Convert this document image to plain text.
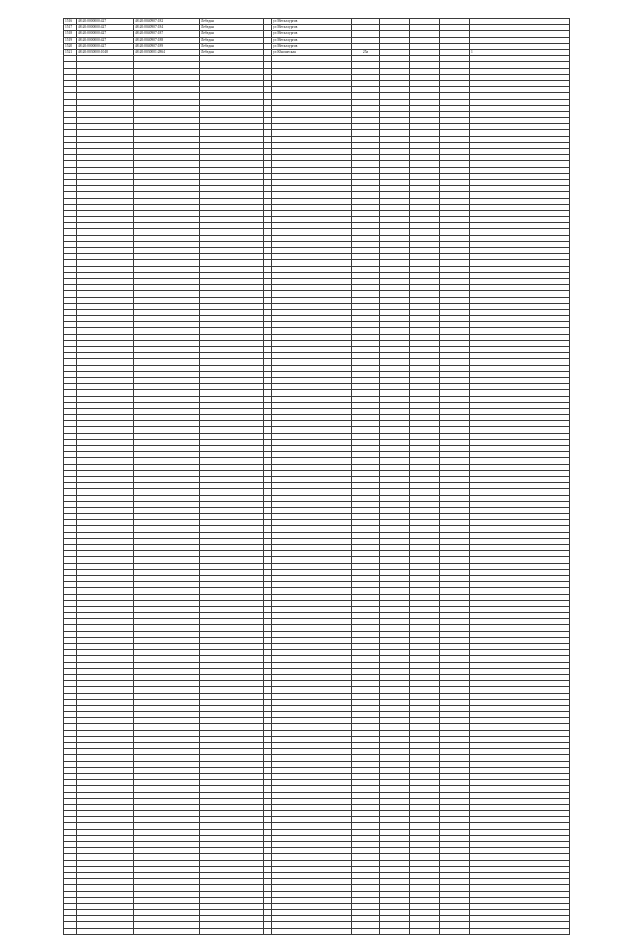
1516	48:20:0000000:427	48:20:0040907:182	Лебедян		ул Металлургов					
1517	48:20:0000000:427	48:20:0040907:184	Лебедян		ул Металлургов					
1518	48:20:0000000:427	48:20:0040907:187	Лебедян		ул Металлургов					
1519	48:20:0000000:427	48:20:0040907:188	Лебедян		ул Металлургов					
1520	48:20:0000000:427	48:20:0040907:189	Лебедян		ул Металлургов					
1521	48:20:0030000:1048	48:20:0030001:2864	Лебедян		ул Юношеская	25а				1
